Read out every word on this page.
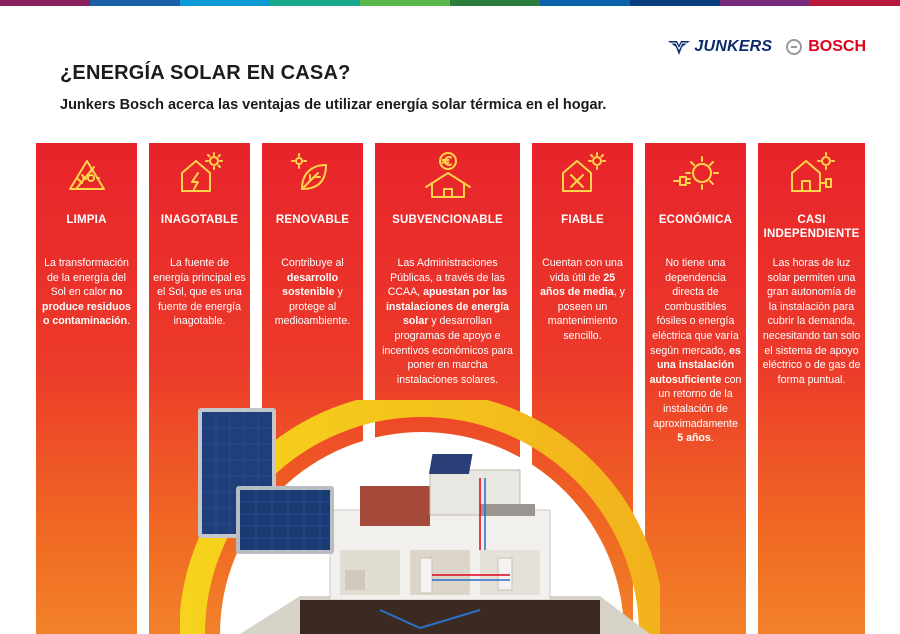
JUNKERS BOSCH
¿ENERGÍA SOLAR EN CASA?

Junkers Bosch acerca las ventajas de utilizar energía solar térmica en el hogar.

LIMPIA
La transformación de la energía del Sol en calor no produce residuos o contaminación.
INAGOTABLE
La fuente de energía principal es el Sol, que es una fuente de energía inagotable.
RENOVABLE
Contribuye al desarrollo sostenible y protege al medioambiente.
SUBVENCIONABLE
Las Administraciones Públicas, a través de las CCAA, apuestan por las instalaciones de energía solar y desarrollan programas de apoyo e incentivos económicos para poner en marcha instalaciones solares.
FIABLE
Cuentan con una vida útil de 25 años de media, y poseen un mantenimiento sencillo.
ECONÓMICA
No tiene una dependencia directa de combustibles fósiles o energía eléctrica que varía según mercado, es una instalación autosuficiente con un retorno de la instalación de aproximadamente 5 años.
CASI INDEPENDIENTE
Las horas de luz solar permiten una gran autonomía de la instalación para cubrir la demanda, necesitando tan solo el sistema de apoyo eléctrico o de gas de forma puntual.
